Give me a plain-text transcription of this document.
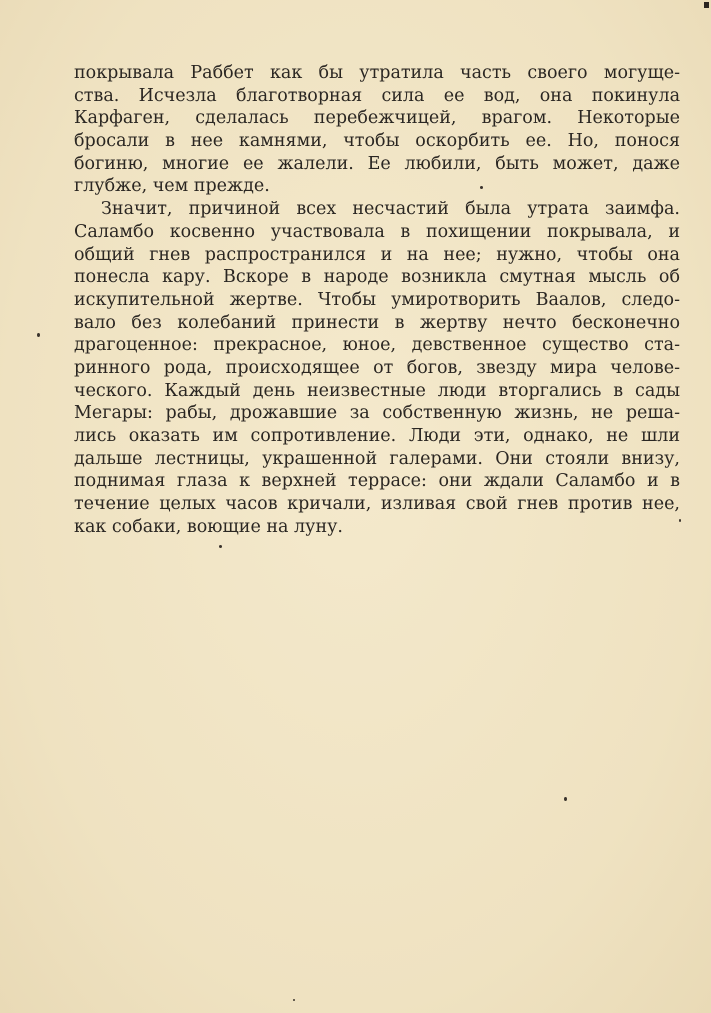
покрывала Раббет как бы утратила часть своего могуще-
ства. Исчезла благотворная сила ее вод, она покинула
Карфаген, сделалась перебежчицей, врагом. Некоторые
бросали в нее камнями, чтобы оскорбить ее. Но, понося
богиню, многие ее жалели. Ее любили, быть может, даже
глубже, чем прежде.
Значит, причиной всех несчастий была утрата заимфа.
Саламбо косвенно участвовала в похищении покрывала, и
общий гнев распространился и на нее; нужно, чтобы она
понесла кару. Вскоре в народе возникла смутная мысль об
искупительной жертве. Чтобы умиротворить Ваалов, следо-
вало без колебаний принести в жертву нечто бесконечно
драгоценное: прекрасное, юное, девственное существо ста-
ринного рода, происходящее от богов, звезду мира челове-
ческого. Каждый день неизвестные люди вторгались в сады
Мегары: рабы, дрожавшие за собственную жизнь, не реша-
лись оказать им сопротивление. Люди эти, однако, не шли
дальше лестницы, украшенной галерами. Они стояли внизу,
поднимая глаза к верхней террасе: они ждали Саламбо и в
течение целых часов кричали, изливая свой гнев против нее,
как собаки, воющие на луну.
